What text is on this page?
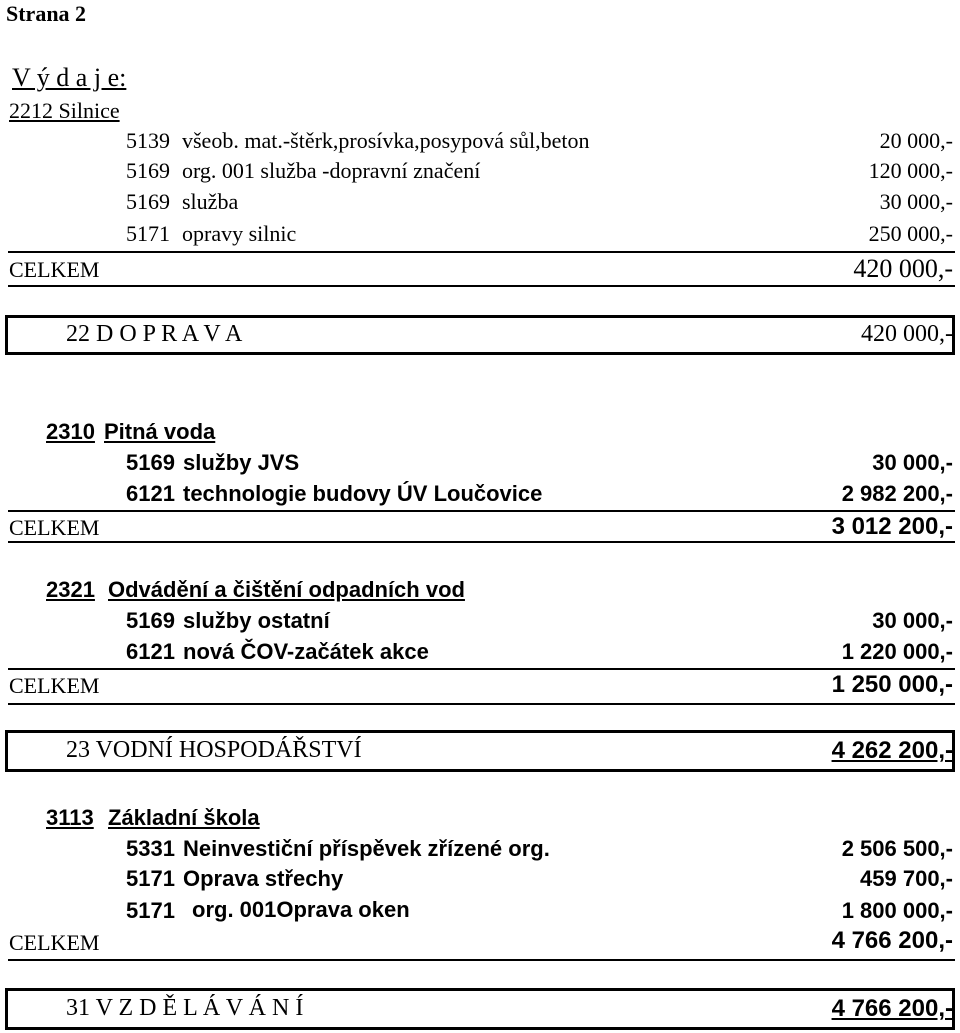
Strana 2
V ý d a j e:
2212 Silnice
5139 všeob. mat.-štěrk,prosívka,posypová sůl,beton	20 000,-
5169 org. 001 služba -dopravní značení	120 000,-
5169 služba	30 000,-
5171 opravy silnic	250 000,-
CELKEM	420 000,-
22 D O P R A V A	420 000,-
2310 Pitná voda
5169 služby JVS	30 000,-
6121 technologie budovy ÚV Loučovice	2 982 200,-
CELKEM	3 012 200,-
2321 Odvádění a čištění odpadních vod
5169 služby ostatní	30 000,-
6121 nová ČOV-začátek akce	1 220 000,-
CELKEM	1 250 000,-
23 VODNÍ HOSPODÁŘSTVÍ	4 262 200,-
3113 Základní škola
5331 Neinvestiční příspěvek zřízené org.	2 506 500,-
5171 Oprava střechy	459 700,-
5171 org. 001Oprava oken	1 800 000,-
CELKEM	4 766 200,-
31 V Z D Ě L Á V Á N Í	4 766 200,-
